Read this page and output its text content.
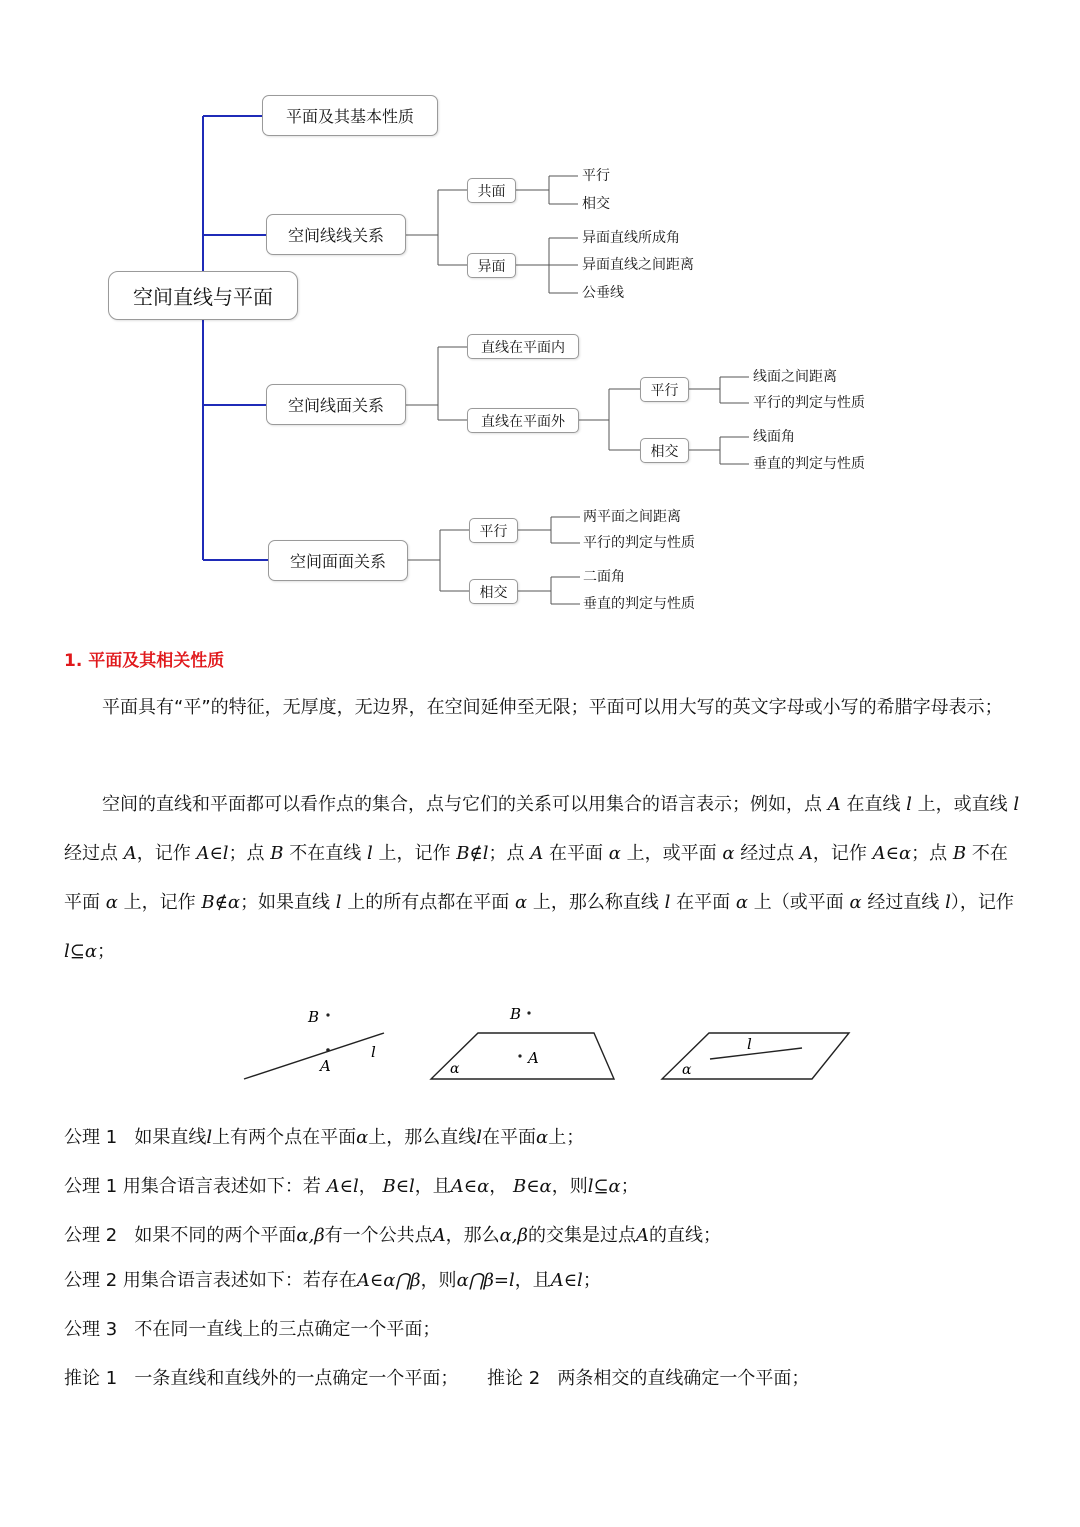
空间直线与平面
平面及其基本性质
空间线线关系
空间线面关系
空间面面关系
共面
异面
平行
相交
异面直线所成角
异面直线之间距离
公垂线
直线在平面内
直线在平面外
平行
相交
线面之间距离
平行的判定与性质
线面角
垂直的判定与性质
平行
相交
两平面之间距离
平行的判定与性质
二面角
垂直的判定与性质
1. 平面及其相关性质
平面具有“平”的特征，无厚度，无边界，在空间延伸至无限；平面可以用大写的英文字母或小写的希腊字母表示；
空间的直线和平面都可以看作点的集合，点与它们的关系可以用集合的语言表示；例如，点 A 在直线 l 上，或直线 l 经过点 A，记作 A∈l；点 B 不在直线 l 上，记作 B∉l；点 A 在平面 α 上，或平面 α 经过点 A，记作 A∈α；点 B 不在平面 α 上，记作 B∉α；如果直线 l 上的所有点都在平面 α 上，那么称直线 l 在平面 α 上（或平面 α 经过直线 l），记作 l⊆α；
B
A
l
B
A
α
l
α
公理 1 如果直线l上有两个点在平面α上，那么直线l在平面α上；
公理 1 用集合语言表述如下：若 A∈l， B∈l，且A∈α， B∈α，则l⊆α；
公理 2 如果不同的两个平面α,β有一个公共点A，那么α,β的交集是过点A的直线；
公理 2 用集合语言表述如下：若存在A∈α⋂β，则α⋂β=l，且A∈l；
公理 3 不在同一直线上的三点确定一个平面；
推论 1 一条直线和直线外的一点确定一个平面； 推论 2 两条相交的直线确定一个平面；
